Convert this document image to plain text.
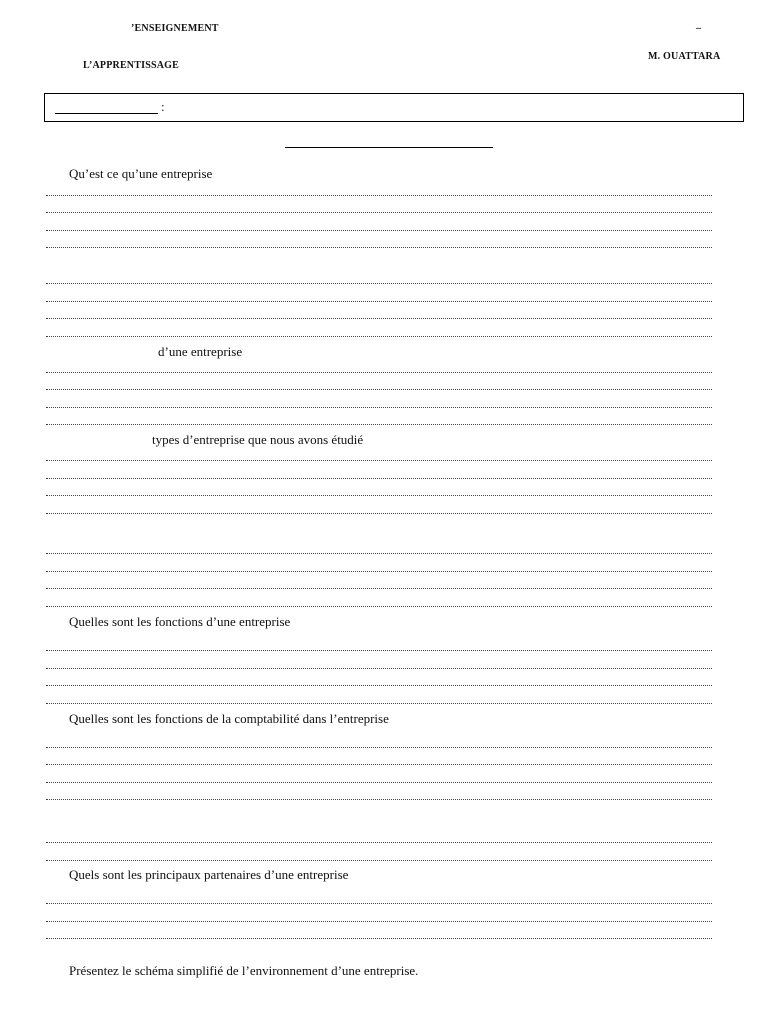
’ENSEIGNEMENT
L’APPRENTISSAGE
–
M. OUATTARA
:
Qu’est ce qu’une entreprise
d’une entreprise
types d’entreprise que nous avons étudié
Quelles sont les fonctions d’une entreprise
Quelles sont les fonctions de la comptabilité dans l’entreprise
Quels sont les principaux partenaires d’une entreprise
Présentez le schéma simplifié de l’environnement d’une entreprise.
